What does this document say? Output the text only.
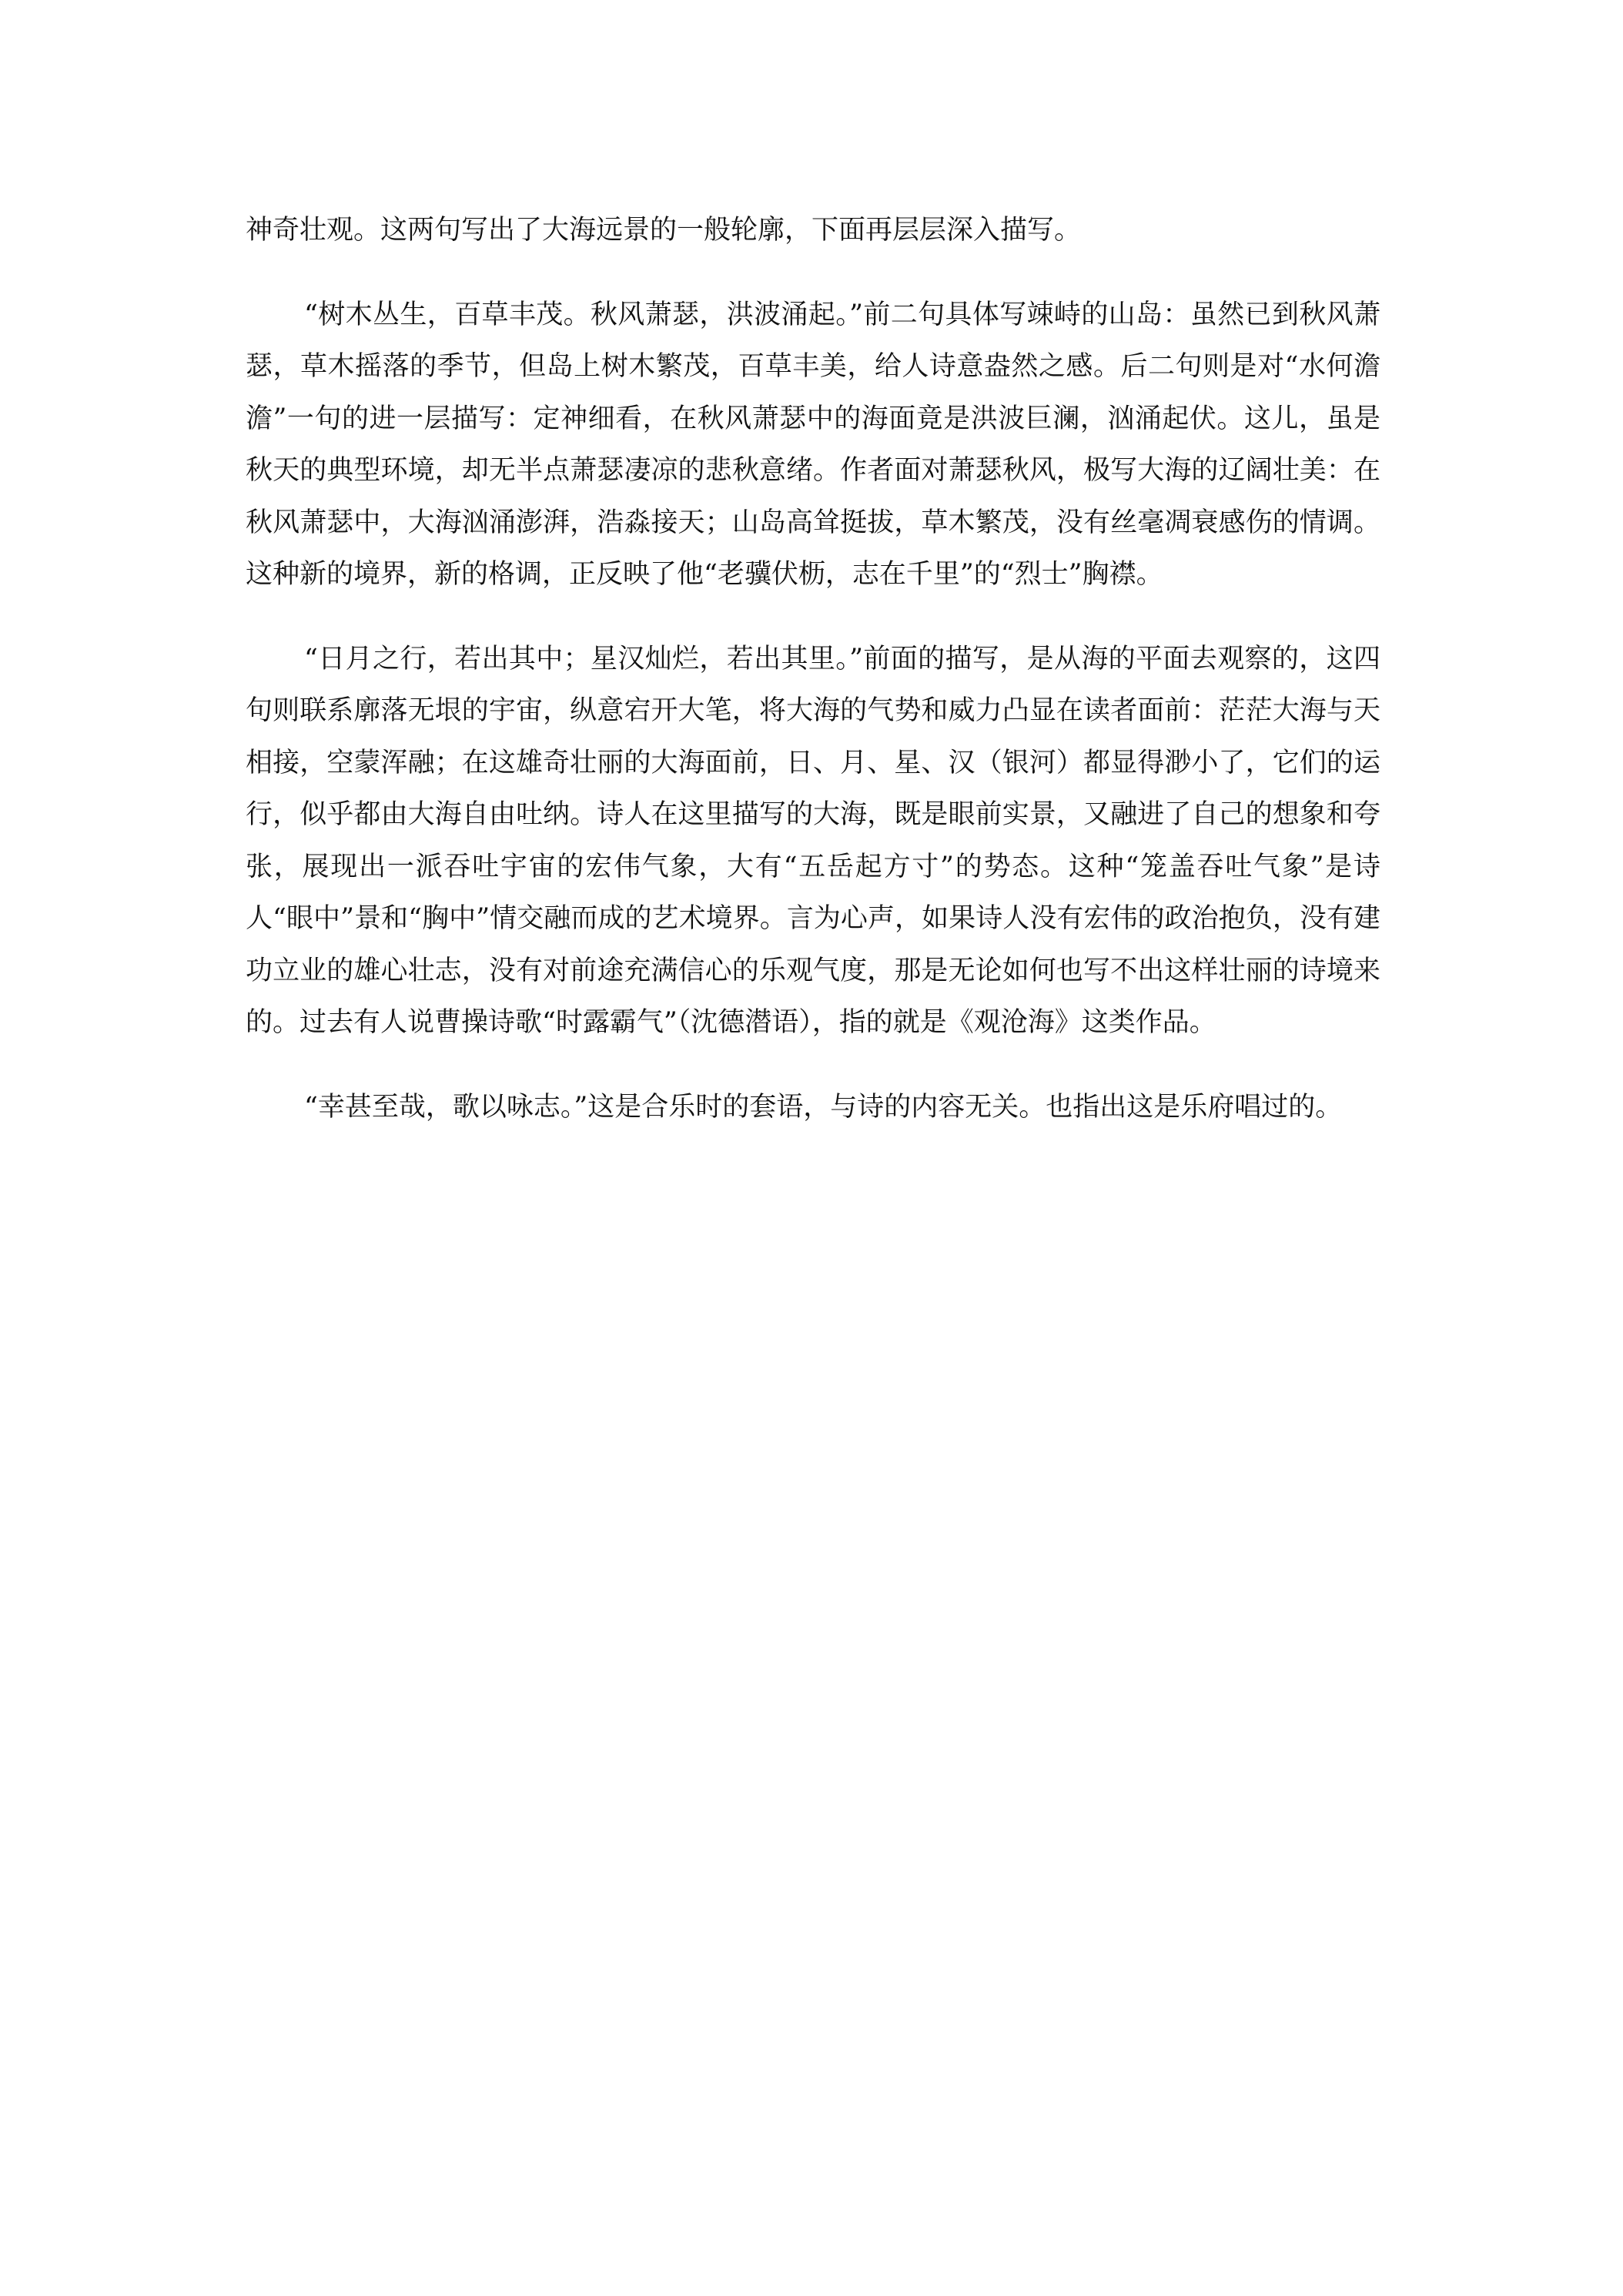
神奇壮观。这两句写出了大海远景的一般轮廓，下面再层层深入描写。

“树木丛生，百草丰茂。秋风萧瑟，洪波涌起。”前二句具体写竦峙的山岛：虽然已到秋风萧瑟，草木摇落的季节，但岛上树木繁茂，百草丰美，给人诗意盎然之感。后二句则是对“水何澹澹”一句的进一层描写：定神细看，在秋风萧瑟中的海面竟是洪波巨澜，汹涌起伏。这儿，虽是秋天的典型环境，却无半点萧瑟凄凉的悲秋意绪。作者面对萧瑟秋风，极写大海的辽阔壮美：在秋风萧瑟中，大海汹涌澎湃，浩淼接天；山岛高耸挺拔，草木繁茂，没有丝毫凋衰感伤的情调。这种新的境界，新的格调，正反映了他“老骥伏枥，志在千里”的“烈士”胸襟。

“日月之行，若出其中；星汉灿烂，若出其里。”前面的描写，是从海的平面去观察的，这四句则联系廓落无垠的宇宙，纵意宕开大笔，将大海的气势和威力凸显在读者面前：茫茫大海与天相接，空蒙浑融；在这雄奇壮丽的大海面前，日、月、星、汉（银河）都显得渺小了，它们的运行，似乎都由大海自由吐纳。诗人在这里描写的大海，既是眼前实景，又融进了自己的想象和夸张，展现出一派吞吐宇宙的宏伟气象，大有“五岳起方寸”的势态。这种“笼盖吞吐气象”是诗人“眼中”景和“胸中”情交融而成的艺术境界。言为心声，如果诗人没有宏伟的政治抱负，没有建功立业的雄心壮志，没有对前途充满信心的乐观气度，那是无论如何也写不出这样壮丽的诗境来的。过去有人说曹操诗歌“时露霸气”（沈德潜语），指的就是《观沧海》这类作品。

“幸甚至哉，歌以咏志。”这是合乐时的套语，与诗的内容无关。也指出这是乐府唱过的。
